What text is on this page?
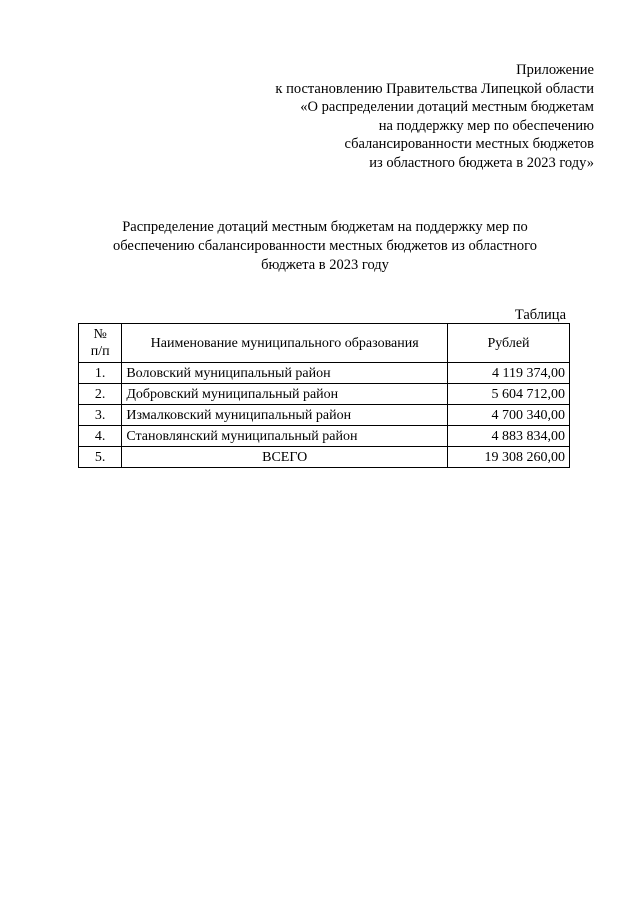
Приложение
к постановлению Правительства Липецкой области
«О распределении дотаций местным бюджетам
на поддержку мер по обеспечению
сбалансированности местных бюджетов
из областного бюджета в 2023 году»
Распределение дотаций местным бюджетам на поддержку мер по
обеспечению сбалансированности местных бюджетов из областного
бюджета в 2023 году
Таблица
№
п/п	Наименование муниципального образования	Рублей
1.	Воловский муниципальный район	4 119 374,00
2.	Добровский муниципальный район	5 604 712,00
3.	Измалковский муниципальный район	4 700 340,00
4.	Становлянский муниципальный район	4 883 834,00
5.	ВСЕГО	19 308 260,00
